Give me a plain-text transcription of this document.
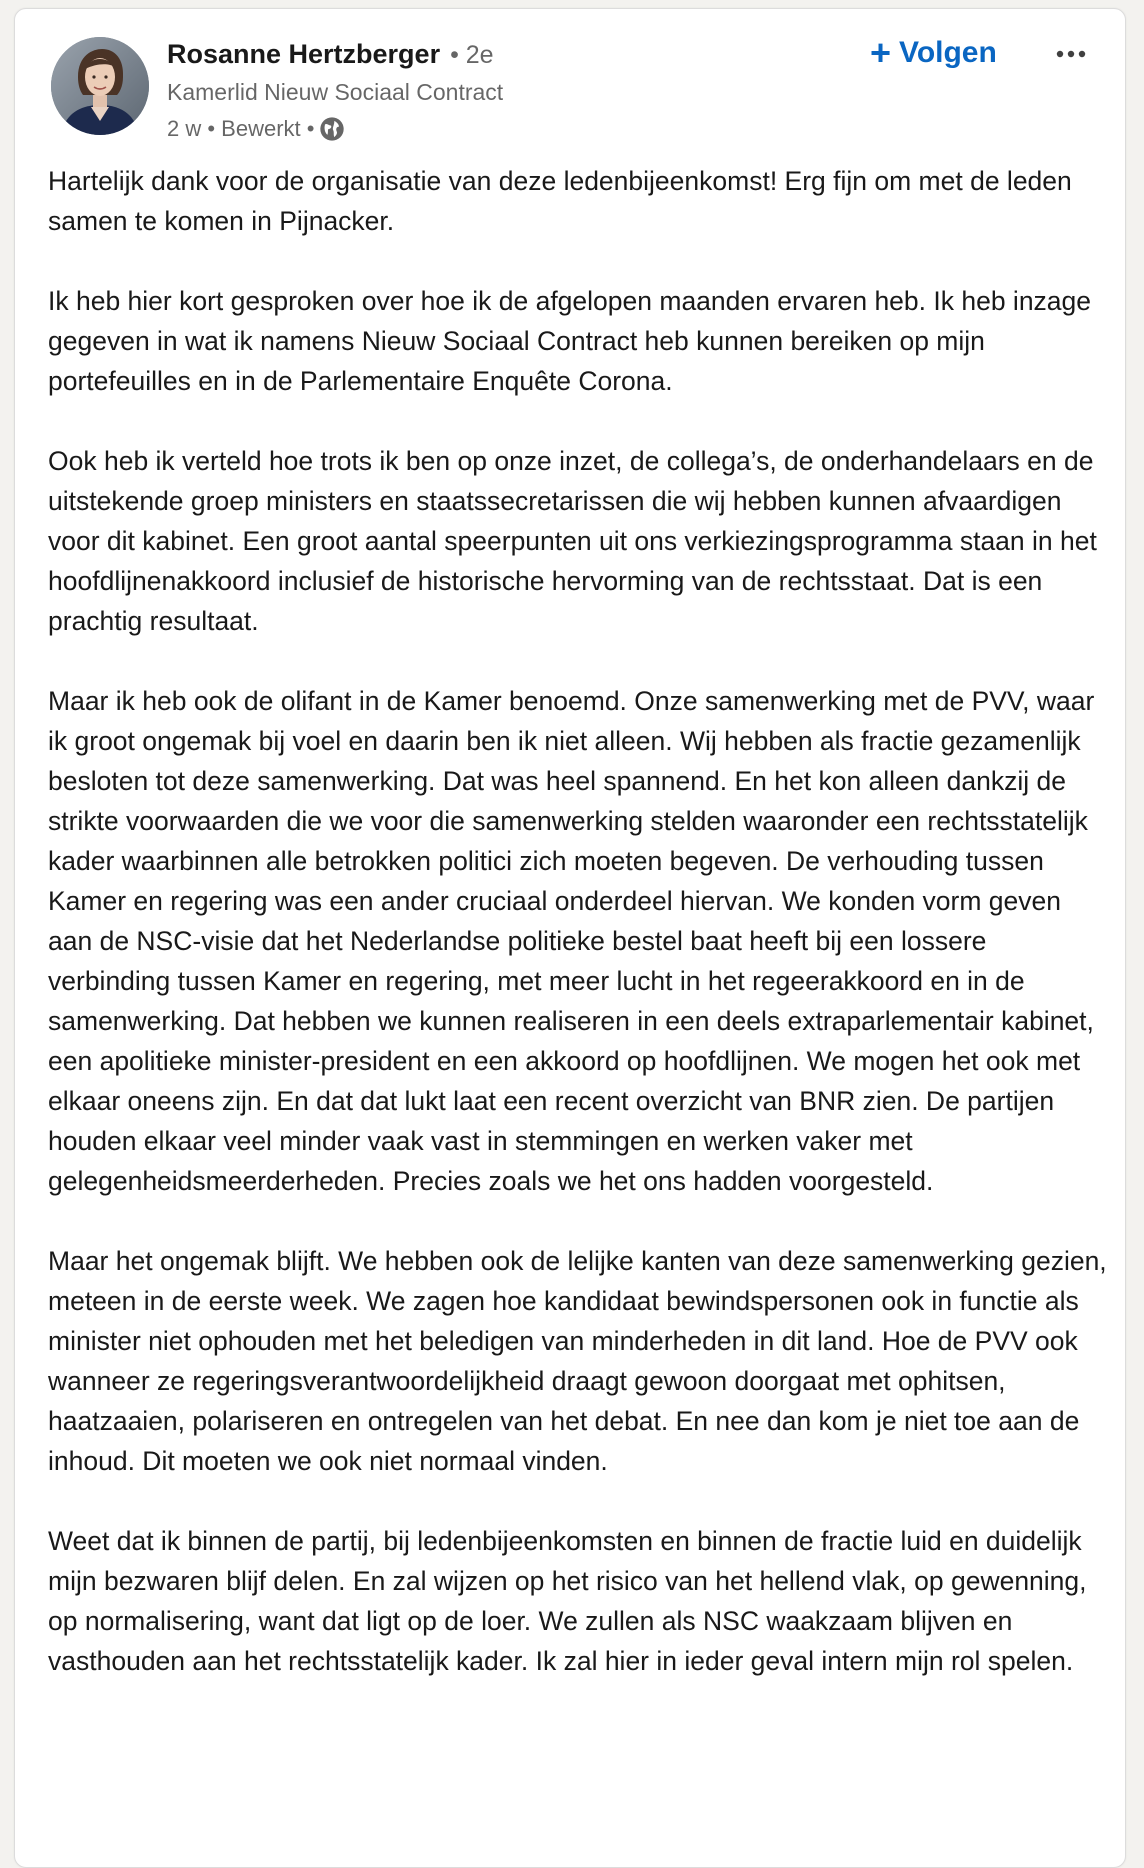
Rosanne Hertzberger • 2e
Kamerlid Nieuw Sociaal Contract
2 w • Bewerkt •
+ Volgen

Hartelijk dank voor de organisatie van deze ledenbijeenkomst! Erg fijn om met de leden samen te komen in Pijnacker.

Ik heb hier kort gesproken over hoe ik de afgelopen maanden ervaren heb. Ik heb inzage gegeven in wat ik namens Nieuw Sociaal Contract heb kunnen bereiken op mijn portefeuilles en in de Parlementaire Enquête Corona.

Ook heb ik verteld hoe trots ik ben op onze inzet, de collega’s, de onderhandelaars en de uitstekende groep ministers en staatssecretarissen die wij hebben kunnen afvaardigen voor dit kabinet. Een groot aantal speerpunten uit ons verkiezingsprogramma staan in het hoofdlijnenakkoord inclusief de historische hervorming van de rechtsstaat. Dat is een prachtig resultaat.

Maar ik heb ook de olifant in de Kamer benoemd. Onze samenwerking met de PVV, waar ik groot ongemak bij voel en daarin ben ik niet alleen. Wij hebben als fractie gezamenlijk besloten tot deze samenwerking. Dat was heel spannend. En het kon alleen dankzij de strikte voorwaarden die we voor die samenwerking stelden waaronder een rechtsstatelijk kader waarbinnen alle betrokken politici zich moeten begeven. De verhouding tussen Kamer en regering was een ander cruciaal onderdeel hiervan. We konden vorm geven aan de NSC-visie dat het Nederlandse politieke bestel baat heeft bij een lossere verbinding tussen Kamer en regering, met meer lucht in het regeerakkoord en in de samenwerking. Dat hebben we kunnen realiseren in een deels extraparlementair kabinet, een apolitieke minister-president en een akkoord op hoofdlijnen. We mogen het ook met elkaar oneens zijn. En dat dat lukt laat een recent overzicht van BNR zien. De partijen houden elkaar veel minder vaak vast in stemmingen en werken vaker met gelegenheidsmeerderheden. Precies zoals we het ons hadden voorgesteld.

Maar het ongemak blijft. We hebben ook de lelijke kanten van deze samenwerking gezien, meteen in de eerste week. We zagen hoe kandidaat bewindspersonen ook in functie als minister niet ophouden met het beledigen van minderheden in dit land. Hoe de PVV ook wanneer ze regeringsverantwoordelijkheid draagt gewoon doorgaat met ophitsen, haatzaaien, polariseren en ontregelen van het debat. En nee dan kom je niet toe aan de inhoud. Dit moeten we ook niet normaal vinden.

Weet dat ik binnen de partij, bij ledenbijeenkomsten en binnen de fractie luid en duidelijk mijn bezwaren blijf delen. En zal wijzen op het risico van het hellend vlak, op gewenning, op normalisering, want dat ligt op de loer. We zullen als NSC waakzaam blijven en vasthouden aan het rechtsstatelijk kader. Ik zal hier in ieder geval intern mijn rol spelen.
